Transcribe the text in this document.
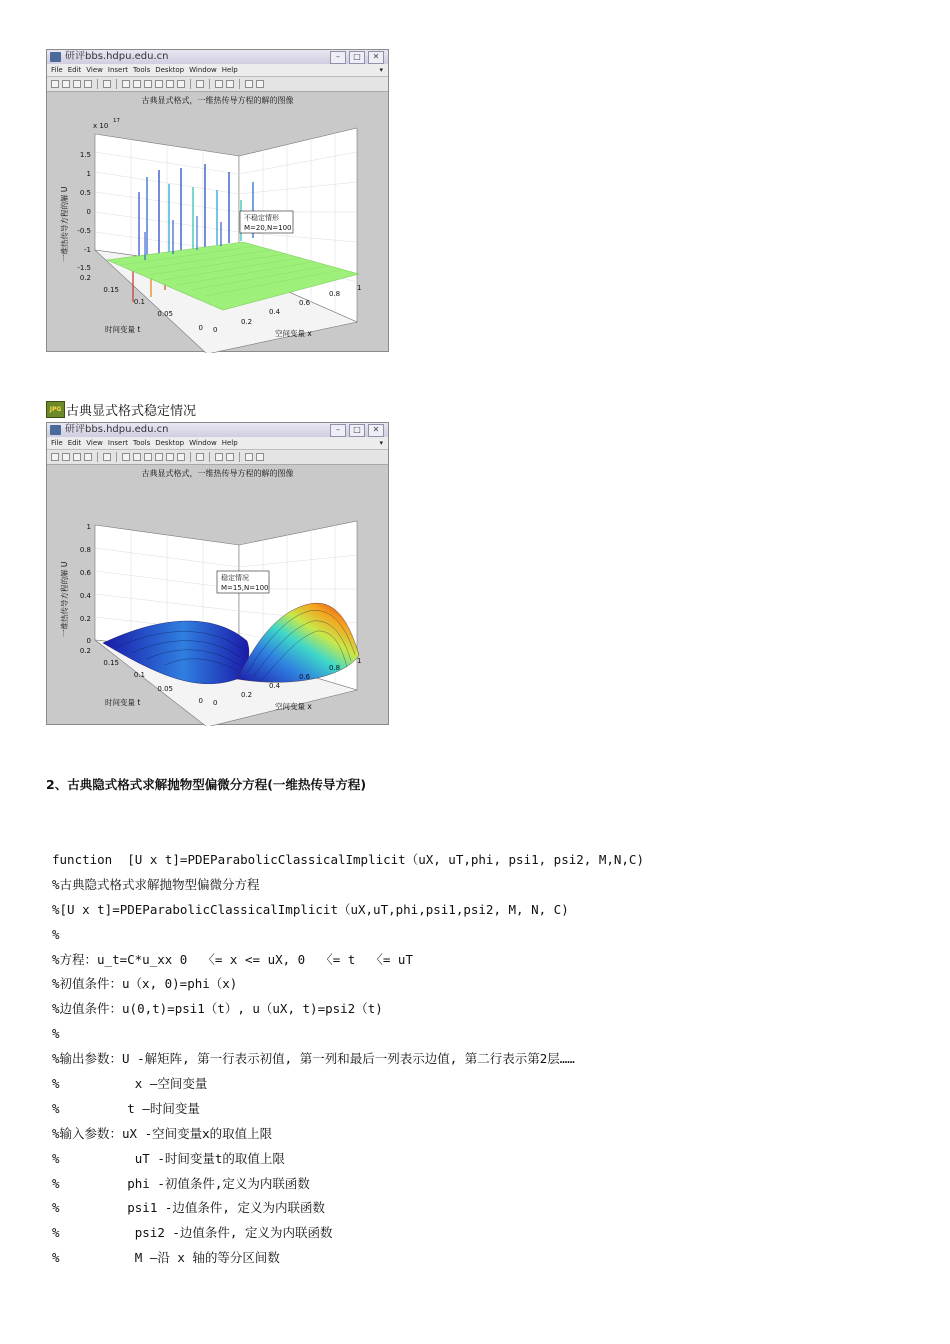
研评bbs.hdpu.edu.cn	–	□	✕
File Edit View Insert Tools Desktop Window Help	▾
古典显式格式，一维热传导方程的解的图像
不稳定情形
M=20,N=100
x 10
17
1.5
1
0.5
0
-0.5
-1
-1.5
0.2
0.15
0.1
0.05
0 0
0.2
0.4
0.6
0.8
1
一维热传导方程的解 U
时间变量 t	空间变量 x
JPG 古典显式格式稳定情况
研评bbs.hdpu.edu.cn	–	□	✕
File Edit View Insert Tools Desktop Window Help	▾
古典显式格式，一维热传导方程的解的图像
稳定情况
M=15,N=100
1
0.8
0.6
0.4
0.2
0
0.2
0.15
0.1
0.05
0 0
0.2
0.4
0.6
0.8
1
一维热传导方程的解 U
时间变量 t	空间变量 x
2、古典隐式格式求解抛物型偏微分方程(一维热传导方程)
function  [U x t]=PDEParabolicClassicalImplicit（uX, uT,phi, psi1, psi2, M,N,C)
%古典隐式格式求解抛物型偏微分方程
%[U x t]=PDEParabolicClassicalImplicit（uX,uT,phi,psi1,psi2, M, N, C)
%
%方程：u_t=C*u_xx 0  〈= x <= uX, 0  〈= t  〈= uT
%初值条件：u（x, 0)=phi（x)
%边值条件：u(0,t)=psi1（t）, u（uX, t)=psi2（t)
%
%输出参数：U -解矩阵, 第一行表示初值, 第一列和最后一列表示边值, 第二行表示第2层……
%          x —空间变量
%         t —时间变量
%输入参数：uX -空间变量x的取值上限
%          uT -时间变量t的取值上限
%         phi -初值条件,定义为内联函数
%         psi1 -边值条件, 定义为内联函数
%          psi2 -边值条件, 定义为内联函数
%          M —沿 x 轴的等分区间数
